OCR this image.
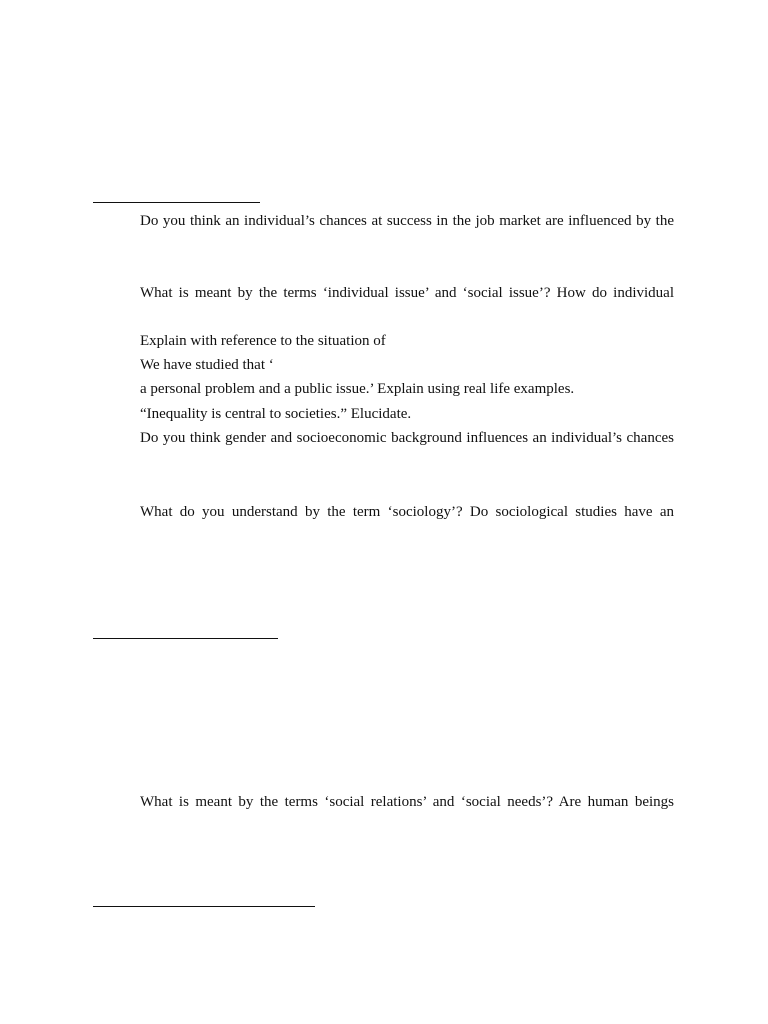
Do you think an individual’s chances at success in the job market are influenced by the
What is meant by the terms ‘individual issue’ and ‘social issue’? How do individual
Explain with reference to the situation of
We have studied that ‘
a personal problem and a public issue.’ Explain using real life examples.
“Inequality is central to societies.” Elucidate.
Do you think gender and socioeconomic background influences an individual’s chances
What do you understand by the term ‘sociology’? Do sociological studies have an
What is meant by the terms ‘social relations’ and ‘social needs’? Are human beings
